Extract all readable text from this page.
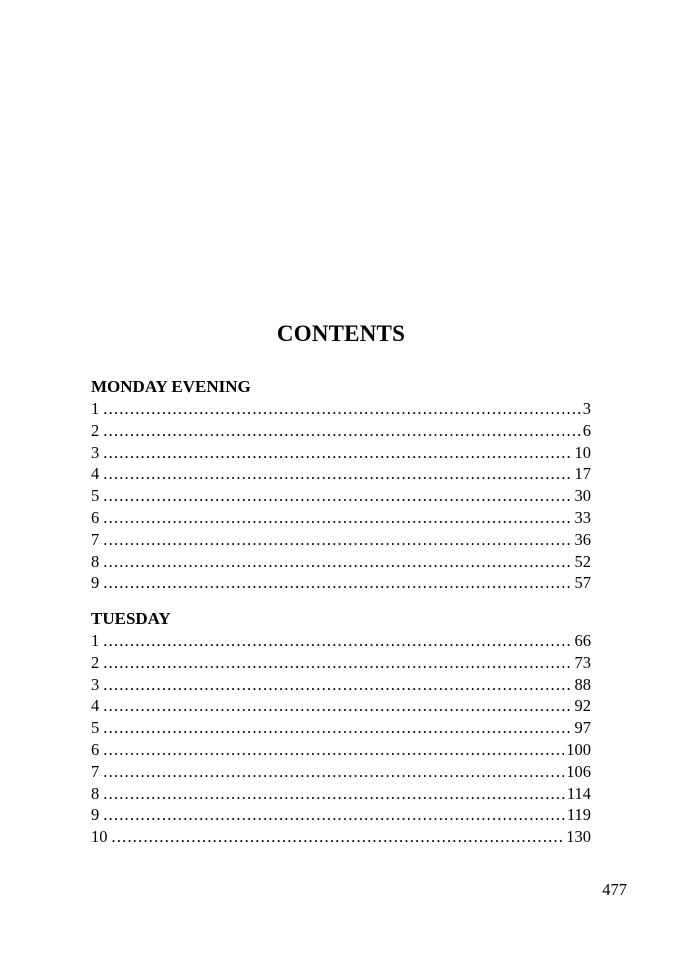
CONTENTS
MONDAY EVENING
1 .....	3
2 .....	6
3 .....	10
4 .....	17
5 .....	30
6 .....	33
7 .....	36
8 .....	52
9 .....	57
TUESDAY
1 .....	66
2 .....	73
3 .....	88
4 .....	92
5 .....	97
6 .....	100
7 .....	106
8 .....	114
9 .....	119
10 .....	130
477
